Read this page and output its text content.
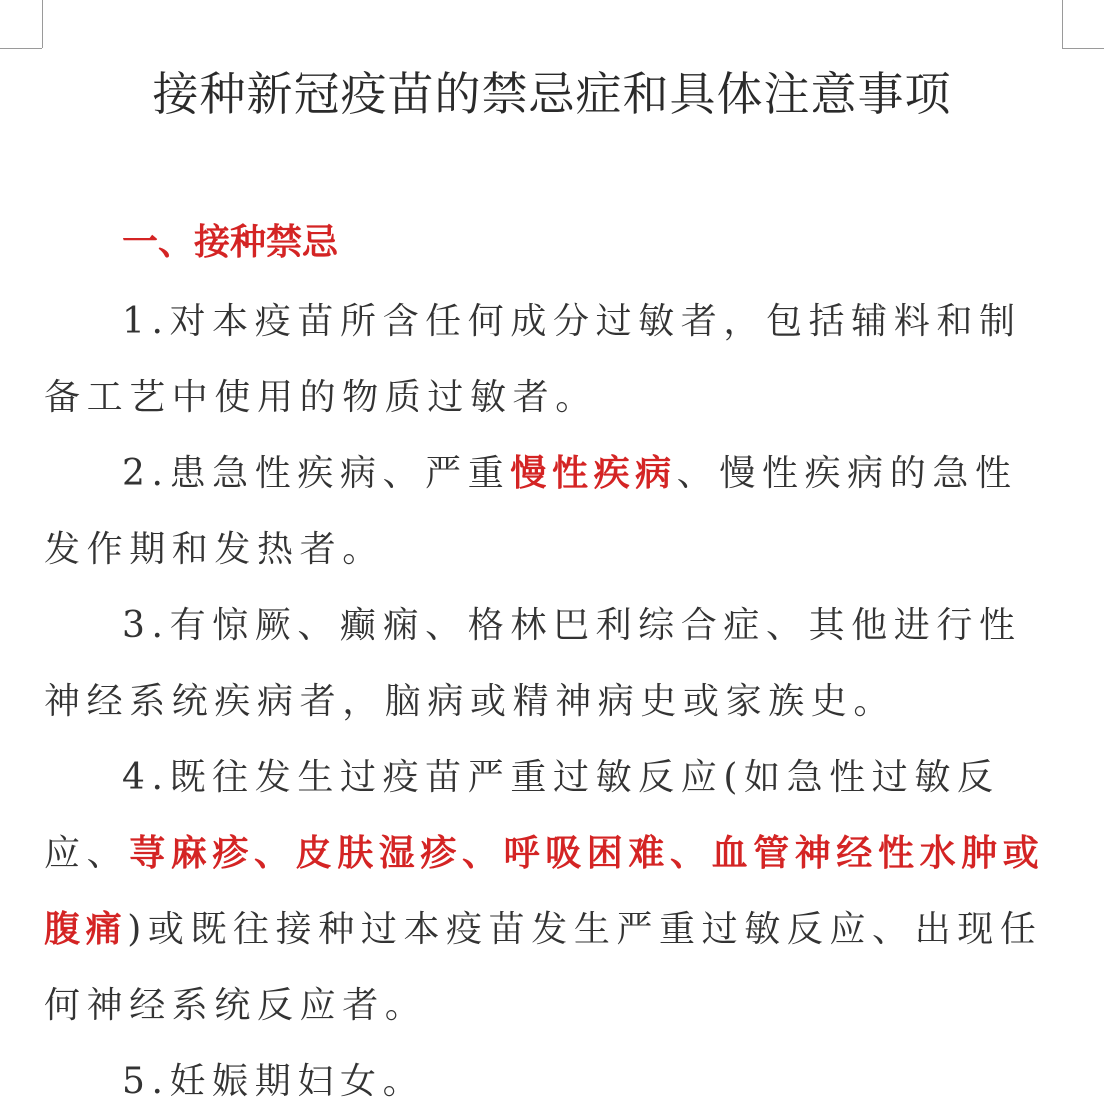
接种新冠疫苗的禁忌症和具体注意事项
一、接种禁忌

1.对本疫苗所含任何成分过敏者，包括辅料和制备工艺中使用的物质过敏者。

2.患急性疾病、严重慢性疾病、慢性疾病的急性发作期和发热者。

3.有惊厥、癫痫、格林巴利综合症、其他进行性神经系统疾病者，脑病或精神病史或家族史。

4.既往发生过疫苗严重过敏反应(如急性过敏反应、荨麻疹、皮肤湿疹、呼吸困难、血管神经性水肿或腹痛)或既往接种过本疫苗发生严重过敏反应、出现任何神经系统反应者。

5.妊娠期妇女。
